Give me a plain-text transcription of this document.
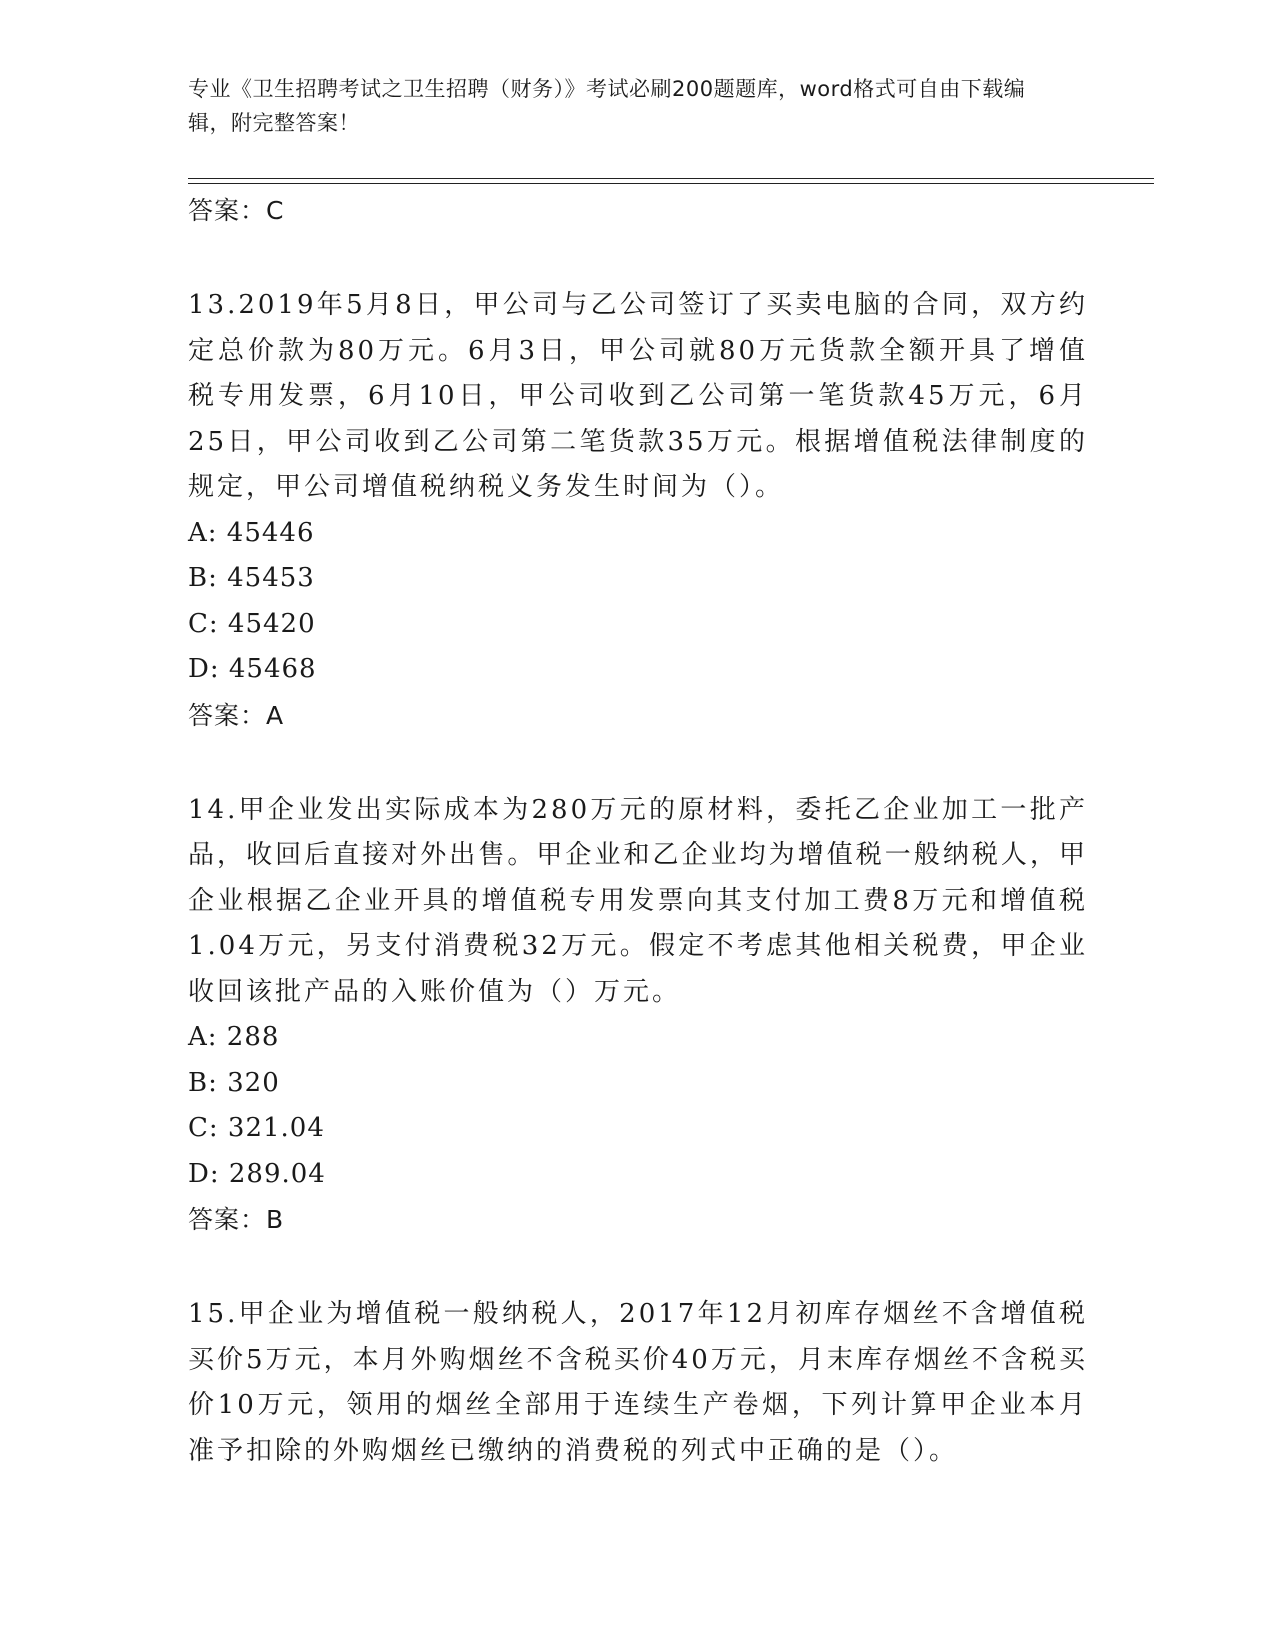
专业《卫生招聘考试之卫生招聘（财务）》考试必刷200题题库，word格式可自由下载编辑，附完整答案！
答案：C
13.2019年5月8日，甲公司与乙公司签订了买卖电脑的合同，双方约定总价款为80万元。6月3日，甲公司就80万元货款全额开具了增值税专用发票，6月10日，甲公司收到乙公司第一笔货款45万元，6月25日，甲公司收到乙公司第二笔货款35万元。根据增值税法律制度的规定，甲公司增值税纳税义务发生时间为（）。
A: 45446
B: 45453
C: 45420
D: 45468
答案：A
14.甲企业发出实际成本为280万元的原材料，委托乙企业加工一批产品，收回后直接对外出售。甲企业和乙企业均为增值税一般纳税人，甲企业根据乙企业开具的增值税专用发票向其支付加工费8万元和增值税1.04万元，另支付消费税32万元。假定不考虑其他相关税费，甲企业收回该批产品的入账价值为（）万元。
A: 288
B: 320
C: 321.04
D: 289.04
答案：B
15.甲企业为增值税一般纳税人，2017年12月初库存烟丝不含增值税买价5万元，本月外购烟丝不含税买价40万元，月末库存烟丝不含税买价10万元，领用的烟丝全部用于连续生产卷烟，下列计算甲企业本月准予扣除的外购烟丝已缴纳的消费税的列式中正确的是（）。
